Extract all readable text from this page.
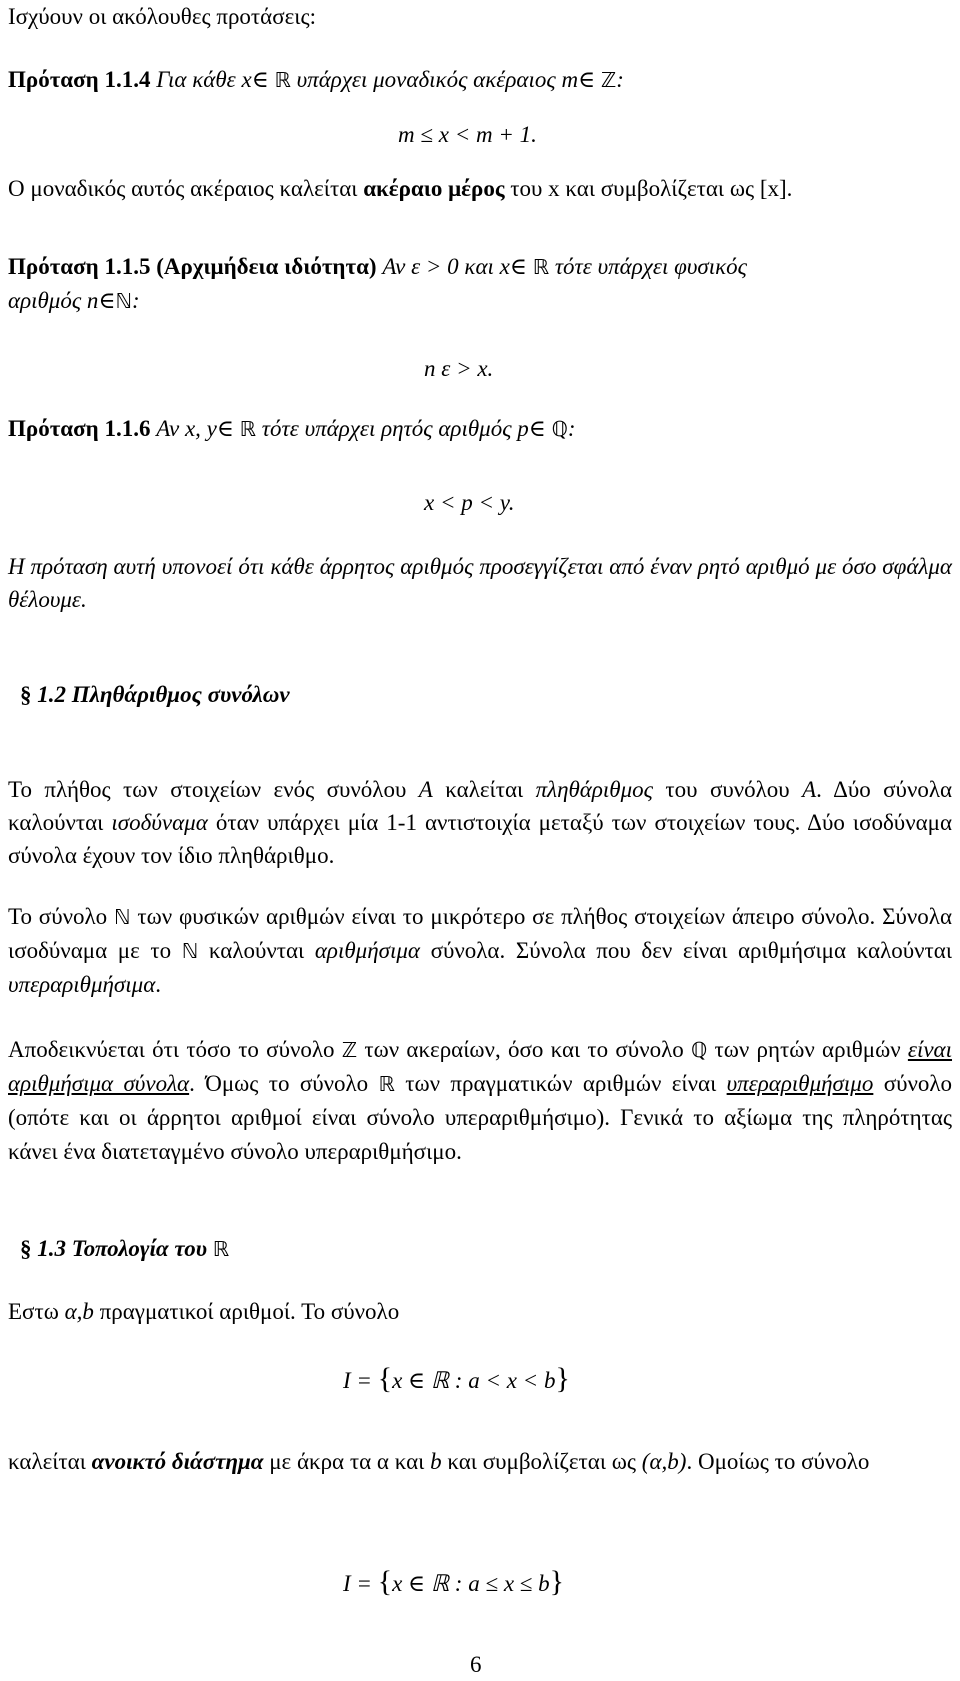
Ισχύουν οι ακόλουθες προτάσεις:

Πρόταση 1.1.4 Για κάθε x∈ ℝ υπάρχει μοναδικός ακέραιος m∈ ℤ:

m ≤ x < m + 1.

Ο μοναδικός αυτός ακέραιος καλείται ακέραιο μέρος του x και συμβολίζεται ως [x].

Πρόταση 1.1.5 (Αρχιμήδεια ιδιότητα) Αν ε > 0 και x∈ ℝ τότε υπάρχει φυσικός
αριθμός n∈ℕ:

n ε > x.

Πρόταση 1.1.6 Αν x, y∈ ℝ τότε υπάρχει ρητός αριθμός p∈ ℚ:

x < p < y.

Η πρόταση αυτή υπονοεί ότι κάθε άρρητος αριθμός προσεγγίζεται από έναν ρητό αριθμό με όσο σφάλμα θέλουμε.

§ 1.2 Πληθάριθμος συνόλων

Το πλήθος των στοιχείων ενός συνόλου Α καλείται πληθάριθμος του συνόλου Α. Δύο σύνολα καλούνται ισοδύναμα όταν υπάρχει μία 1-1 αντιστοιχία μεταξύ των στοιχείων τους. Δύο ισοδύναμα σύνολα έχουν τον ίδιο πληθάριθμο.

Το σύνολο ℕ των φυσικών αριθμών είναι το μικρότερο σε πλήθος στοιχείων άπειρο σύνολο. Σύνολα ισοδύναμα με το ℕ καλούνται αριθμήσιμα σύνολα. Σύνολα που δεν είναι αριθμήσιμα καλούνται υπεραριθμήσιμα.

Αποδεικνύεται ότι τόσο το σύνολο ℤ των ακεραίων, όσο και το σύνολο ℚ των ρητών αριθμών είναι αριθμήσιμα σύνολα. Όμως το σύνολο ℝ των πραγματικών αριθμών είναι υπεραριθμήσιμο σύνολο (οπότε και οι άρρητοι αριθμοί είναι σύνολο υπεραριθμήσιμο). Γενικά το αξίωμα της πληρότητας κάνει ένα διατεταγμένο σύνολο υπεραριθμήσιμο.

§ 1.3 Τοπολογία του ℝ

Εστω α,b πραγματικοί αριθμοί. Το σύνολο

I = {x ∈ ℝ : a < x < b}

καλείται ανοικτό διάστημα με άκρα τα α και b και συμβολίζεται ως (α,b). Ομοίως το σύνολο

I = {x ∈ ℝ : a ≤ x ≤ b}

6
